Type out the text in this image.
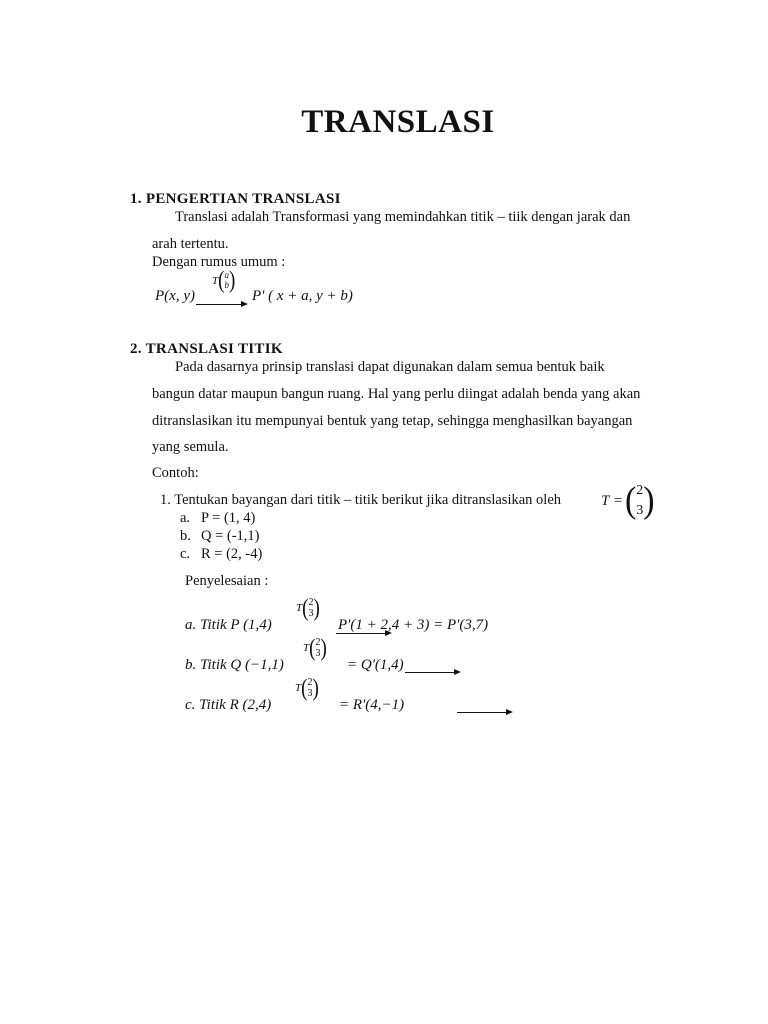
TRANSLASI
1. PENGERTIAN TRANSLASI
Translasi adalah Transformasi yang memindahkan titik – tiik dengan jarak dan
arah tertentu.
Dengan rumus umum :
P(x, y)

T ( a
b )
P' ( x + a, y + b)
2. TRANSLASI TITIK
Pada dasarnya prinsip translasi dapat digunakan dalam semua bentuk baik
bangun datar maupun bangun ruang. Hal yang perlu diingat adalah benda yang akan
ditranslasikan itu mempunyai bentuk yang tetap, sehingga menghasilkan bayangan
yang semula.
Contoh:
1. Tentukan bayangan dari titik – titik berikut jika ditranslasikan oleh	T = ( 2
3 )
a. P = (1, 4)
b. Q = (-1,1)
c. R = (2, -4)
Penyelesaian :
a. Titik P (1,4)

T ( 2
3 )
P'(1 + 2,4 + 3) = P'(3,7)
b. Titik Q (−1,1)

T ( 2
3 )
= Q'(1,4)
c. Titik R (2,4)
T ( 2
3 )
= R'(4,−1)
